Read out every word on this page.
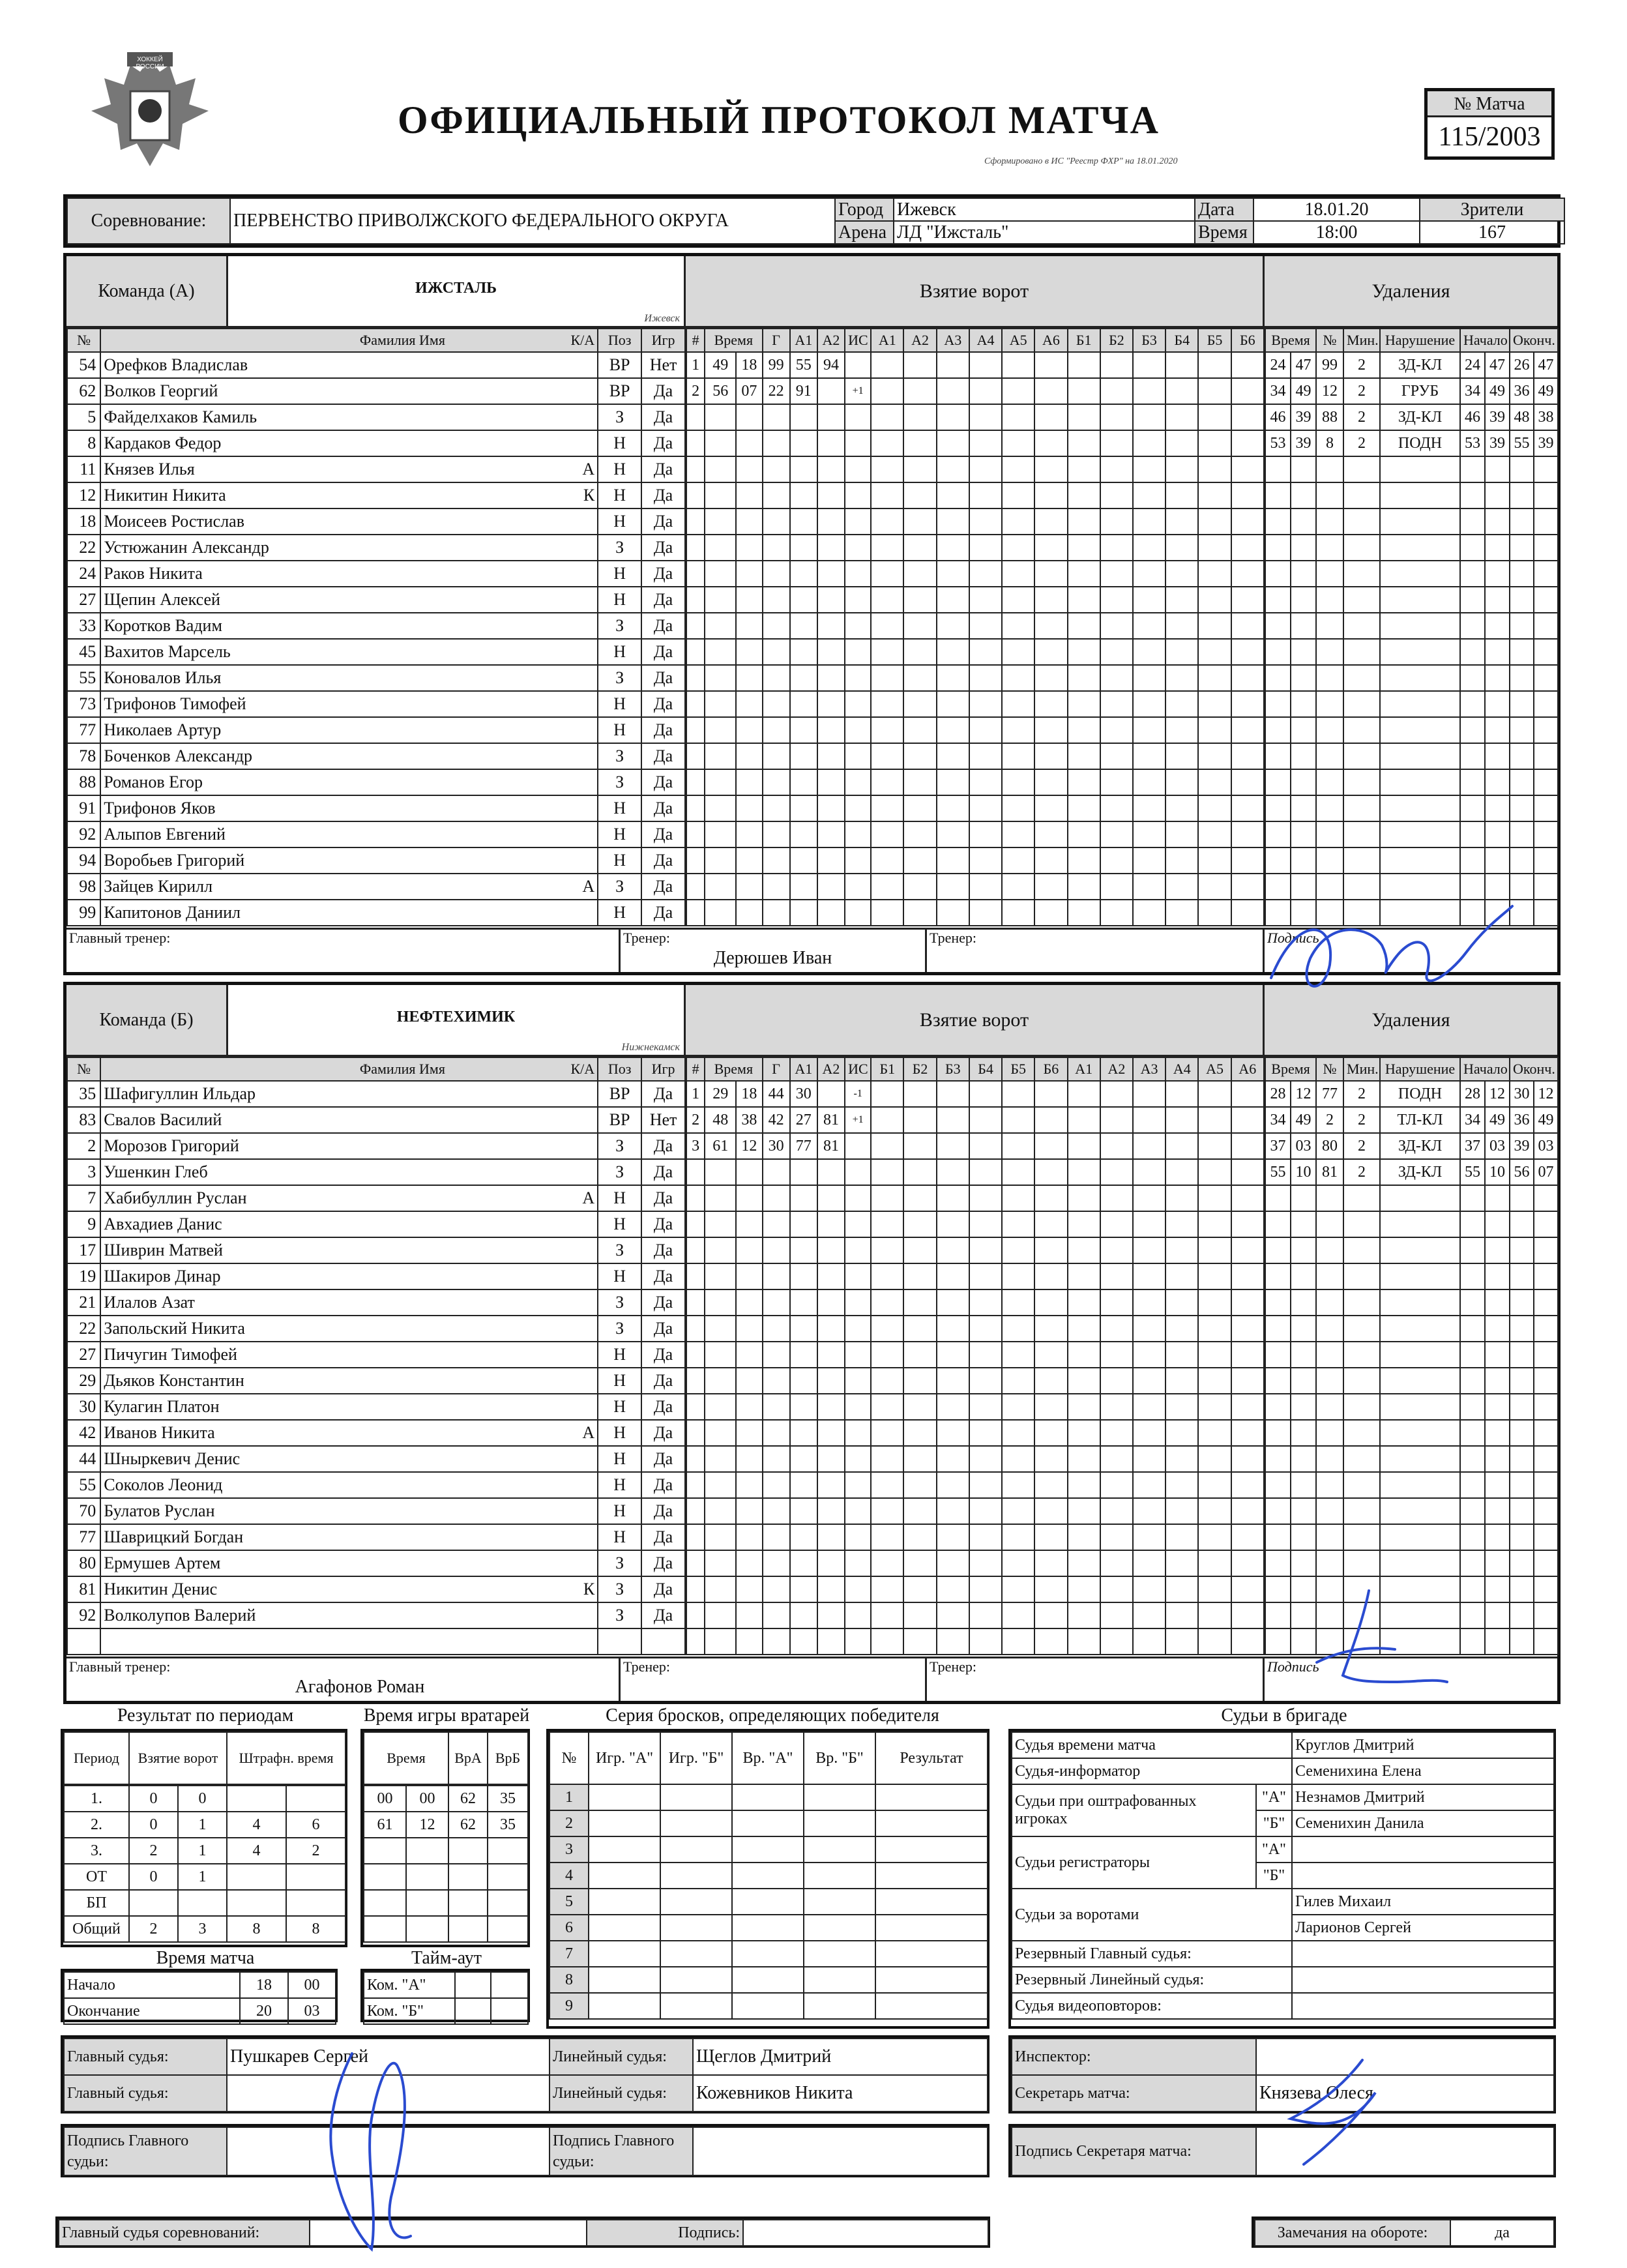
ХОККЕЙ РОССИИ
ОФИЦИАЛЬНЫЙ ПРОТОКОЛ МАТЧА
Сформировано в ИС "Реестр ФХР" на 18.01.2020
№ Матча
115/2003
Соревнование:	ПЕРВЕНСТВО ПРИВОЛЖСКОГО ФЕДЕРАЛЬНОГО ОКРУГА	Город	Ижевск	Дата	18.01.20	Зрители
		Арена	ЛД "Ижсталь"	Время	18:00	167
Команда (А)	ИЖСТАЛЬ
Ижевск
Взятие ворот	Удаления
№	Фамилия Имя К/А		Поз	Игр
54	Орефков Владислав		ВР	Нет
62	Волков Георгий		ВР	Да
5	Файделхаков Камиль		З	Да
8	Кардаков Федор		Н	Да
11	Князев Илья А		Н	Да
12	Никитин Никита К		Н	Да
18	Моисеев Ростислав		Н	Да
22	Устюжанин Александр		З	Да
24	Раков Никита		Н	Да
27	Щепин Алексей		Н	Да
33	Коротков Вадим		З	Да
45	Вахитов Марсель		Н	Да
55	Коновалов Илья		З	Да
73	Трифонов Тимофей		Н	Да
77	Николаев Артур		Н	Да
78	Боченков Александр		З	Да
88	Романов Егор		З	Да
91	Трифонов Яков		Н	Да
92	Алыпов Евгений		Н	Да
94	Воробьев Григорий		Н	Да
98	Зайцев Кирилл А		З	Да
99	Капитонов Даниил		Н	Да
#	Время		Г	А1	А2	ИС	А1	А2	А3	А4	А5	А6	Б1	Б2	Б3	Б4	Б5	Б6
1	49	18	99	55	94													
2	56	07	22	91		+1												

Время		№	Мин.	Нарушение	Начало		Оконч.	
24	47	99	2	ЗД-КЛ	24	47	26	47
34	49	12	2	ГРУБ	34	49	36	49
46	39	88	2	ЗД-КЛ	46	39	48	38
53	39	8	2	ПОДН	53	39	55	39

Главный тренер:	Тренер:
Дерюшев Иван
Тренер:	Подпись
Команда (Б)	НЕФТЕХИМИК
Нижнекамск
Взятие ворот	Удаления
№	Фамилия Имя К/А		Поз	Игр
35	Шафигуллин Ильдар		ВР	Да
83	Свалов Василий		ВР	Нет
2	Морозов Григорий		З	Да
3	Ушенкин Глеб		З	Да
7	Хабибуллин Руслан А		Н	Да
9	Авхадиев Данис		Н	Да
17	Шиврин Матвей		З	Да
19	Шакиров Динар		Н	Да
21	Илалов Азат		З	Да
22	Запольский Никита		З	Да
27	Пичугин Тимофей		Н	Да
29	Дьяков Константин		Н	Да
30	Кулагин Платон		Н	Да
42	Иванов Никита А		Н	Да
44	Шныркевич Денис		Н	Да
55	Соколов Леонид		Н	Да
70	Булатов Руслан		Н	Да
77	Шаврицкий Богдан		Н	Да
80	Ермушев Артем		З	Да
81	Никитин Денис К		З	Да
92	Волколупов Валерий		З	Да

#	Время		Г	А1	А2	ИС	Б1	Б2	Б3	Б4	Б5	Б6	А1	А2	А3	А4	А5	А6
1	29	18	44	30		-1												
2	48	38	42	27	81	+1												
3	61	12	30	77	81													

Время		№	Мин.	Нарушение	Начало		Оконч.	
28	12	77	2	ПОДН	28	12	30	12
34	49	2	2	ТЛ-КЛ	34	49	36	49
37	03	80	2	ЗД-КЛ	37	03	39	03
55	10	81	2	ЗД-КЛ	55	10	56	07

Главный тренер:
Агафонов Роман
Тренер:	Тренер:	Подпись
Результат по периодам
Период	Взятие ворот	Штрафн. время
1.	0	0		
2.	0	1	4	6
3.	2	1	4	2
ОТ	0	1		
БП				
Общий	2	3	8	8
Время игры вратарей
Время	ВрА	ВрБ
00	00	62	35
61	12	62	35

Серия бросков, определяющих победителя
№	Игр. "А"	Игр. "Б"	Вр. "А"	Вр. "Б"	Результат
1					
2					
3					
4					
5					
6					
7					
8					
9					
Время матча
Начало	18	00
Окончание	20	03
Тайм-аут
Ком. "А"		
Ком. "Б"		
Судьи в бригаде
Судья времени матча		Круглов Дмитрий
Судья-информатор		Семенихина Елена
Судьи при оштрафованных игроках	"А"	Незнамов Дмитрий
	"Б"	Семенихин Данила
Судьи регистраторы	"А"	
	"Б"	
Судьи за воротами		Гилев Михаил
		Ларионов Сергей
Резервный Главный судья:		
Резервный Линейный судья:		
Судья видеоповторов:		
Главный судья:	Пушкарев Сергей	Линейный судья:	Щеглов Дмитрий
Главный судья:		Линейный судья:	Кожевников Никита
Инспектор:	
Секретарь матча:	Князева Олеся
Подпись Главного судьи:		Подпись Главного судьи:	
Подпись Секретаря матча:	
Главный судья соревнований:		Подпись:		Замечания на обороте:	да
